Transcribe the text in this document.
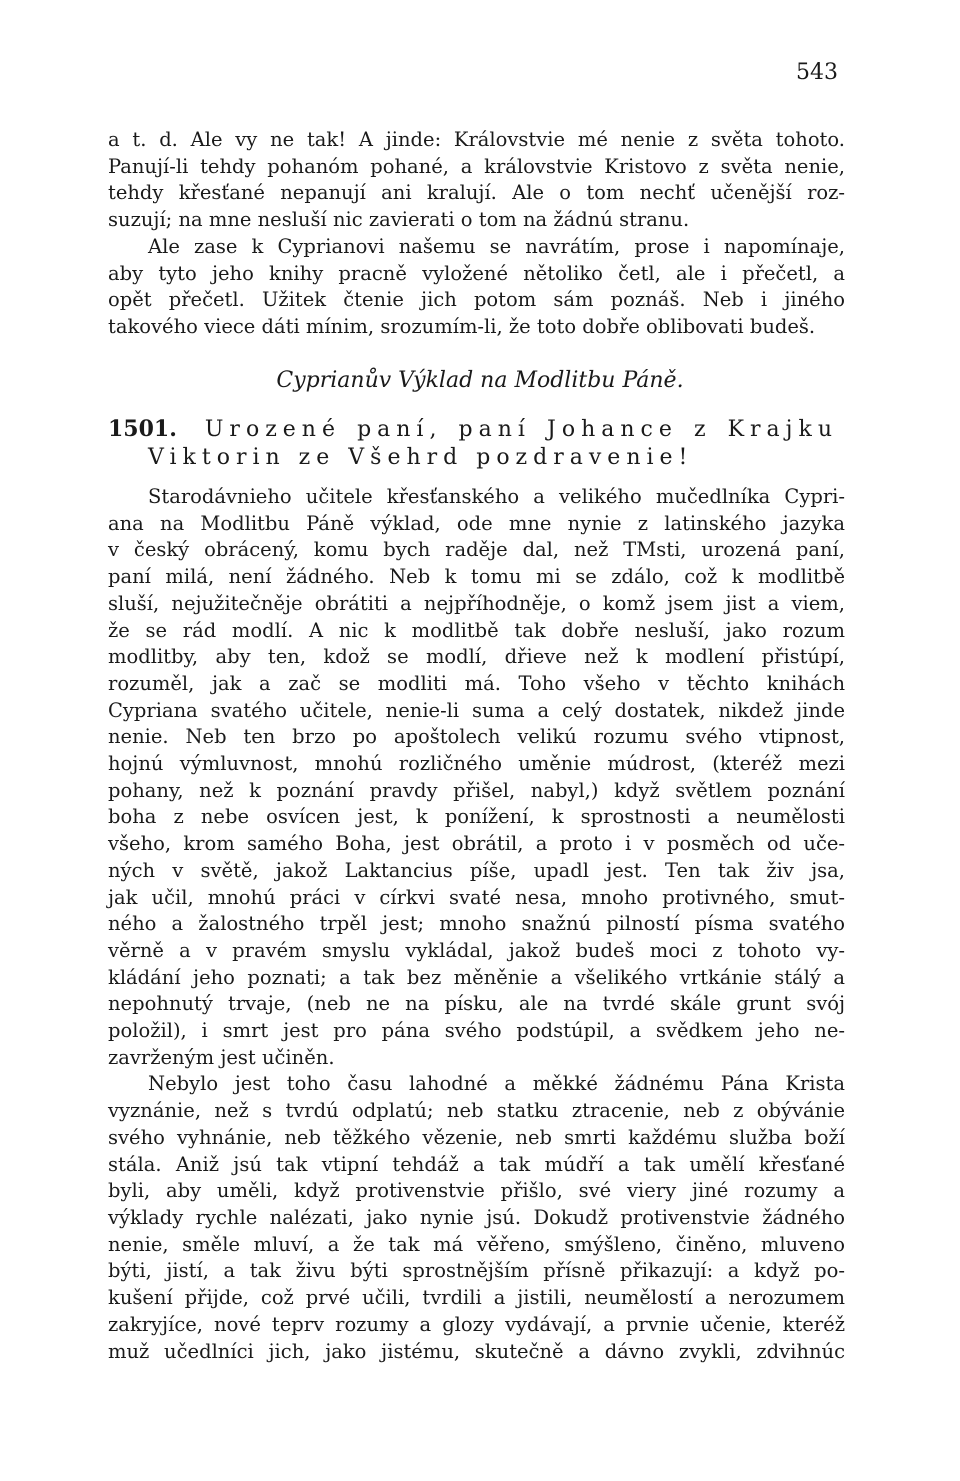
543
a t. d. Ale vy ne tak! A jinde: Královstvie mé nenie z světa tohoto.
Panují-li tehdy pohanóm pohané, a královstvie Kristovo z světa nenie,
tehdy křesťané nepanují ani kralují. Ale o tom nechť učenější roz-
suzují; na mne nesluší nic zavierati o tom na žádnú stranu.
Ale zase k Cyprianovi našemu se navrátím, prose i napomínaje,
aby tyto jeho knihy pracně vyložené nětoliko četl, ale i přečetl, a
opět přečetl. Užitek čtenie jich potom sám poznáš. Neb i jiného
takového viece dáti mínim, srozumím-li, že toto dobře oblibovati budeš.
Cyprianův Výklad na Modlitbu Páně.
1501. Urozené paní, paní Johance z Krajku
Viktorin ze Všehrd pozdravenie!
Starodávnieho učitele křesťanského a velikého mučedlníka Cypri-
ana na Modlitbu Páně výklad, ode mne nynie z latinského jazyka
v český obrácený, komu bych raděje dal, než TMsti, urozená paní,
paní milá, není žádného. Neb k tomu mi se zdálo, což k modlitbě
sluší, nejužitečněje obrátiti a nejpříhodněje, o komž jsem jist a viem,
že se rád modlí. A nic k modlitbě tak dobře nesluší, jako rozum
modlitby, aby ten, kdož se modlí, dřieve než k modlení přistúpí,
rozuměl, jak a zač se modliti má. Toho všeho v těchto knihách
Cypriana svatého učitele, nenie-li suma a celý dostatek, nikdež jinde
nenie. Neb ten brzo po apoštolech velikú rozumu svého vtipnost,
hojnú výmluvnost, mnohú rozličného uměnie múdrost, (kteréž mezi
pohany, než k poznání pravdy přišel, nabyl,) když světlem poznání
boha z nebe osvícen jest, k ponížení, k sprostnosti a neumělosti
všeho, krom samého Boha, jest obrátil, a proto i v posměch od uče-
ných v světě, jakož Laktancius píše, upadl jest. Ten tak živ jsa,
jak učil, mnohú práci v církvi svaté nesa, mnoho protivného, smut-
ného a žalostného trpěl jest; mnoho snažnú pilností písma svatého
věrně a v pravém smyslu vykládal, jakož budeš moci z tohoto vy-
kládání jeho poznati; a tak bez měněnie a všelikého vrtkánie stálý a
nepohnutý trvaje, (neb ne na písku, ale na tvrdé skále grunt svój
položil), i smrt jest pro pána svého podstúpil, a svědkem jeho ne-
zavrženým jest učiněn.
Nebylo jest toho času lahodné a měkké žádnému Pána Krista
vyznánie, než s tvrdú odplatú; neb statku ztracenie, neb z obývánie
svého vyhnánie, neb těžkého vězenie, neb smrti každému služba boží
stála. Aniž jsú tak vtipní tehdáž a tak múdří a tak umělí křesťané
byli, aby uměli, když protivenstvie přišlo, své viery jiné rozumy a
výklady rychle nalézati, jako nynie jsú. Dokudž protivenstvie žádného
nenie, směle mluví, a že tak má věřeno, smýšleno, činěno, mluveno
býti, jistí, a tak živu býti sprostnějším přísně přikazují: a když po-
kušení přijde, což prvé učili, tvrdili a jistili, neumělostí a nerozumem
zakryjíce, nové teprv rozumy a glozy vydávají, a prvnie učenie, kteréž
muž učedlníci jich, jako jistému, skutečně a dávno zvykli, zdvihnúc
